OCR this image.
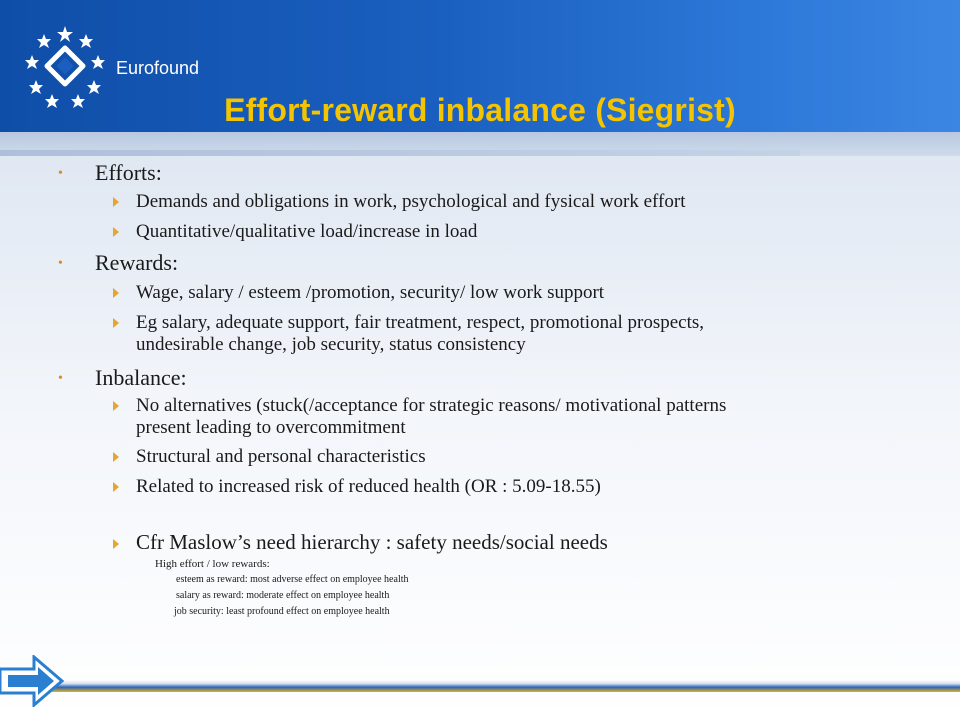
Eurofound
Effort-reward inbalance (Siegrist)
• Efforts:
Demands and obligations in work, psychological and fysical work effort
Quantitative/qualitative load/increase in load
• Rewards:
Wage, salary / esteem /promotion, security/ low work support
Eg salary, adequate support, fair treatment, respect, promotional prospects,
undesirable change, job security, status consistency
• Inbalance:
No alternatives (stuck(/acceptance for strategic reasons/ motivational patterns
present leading to overcommitment
Structural and personal characteristics
Related to increased risk of reduced health (OR : 5.09-18.55)
Cfr Maslow’s need hierarchy : safety needs/social needs
High effort / low rewards:
esteem as reward: most adverse effect on employee health
salary as reward: moderate effect on employee health
job security: least profound effect on employee health
